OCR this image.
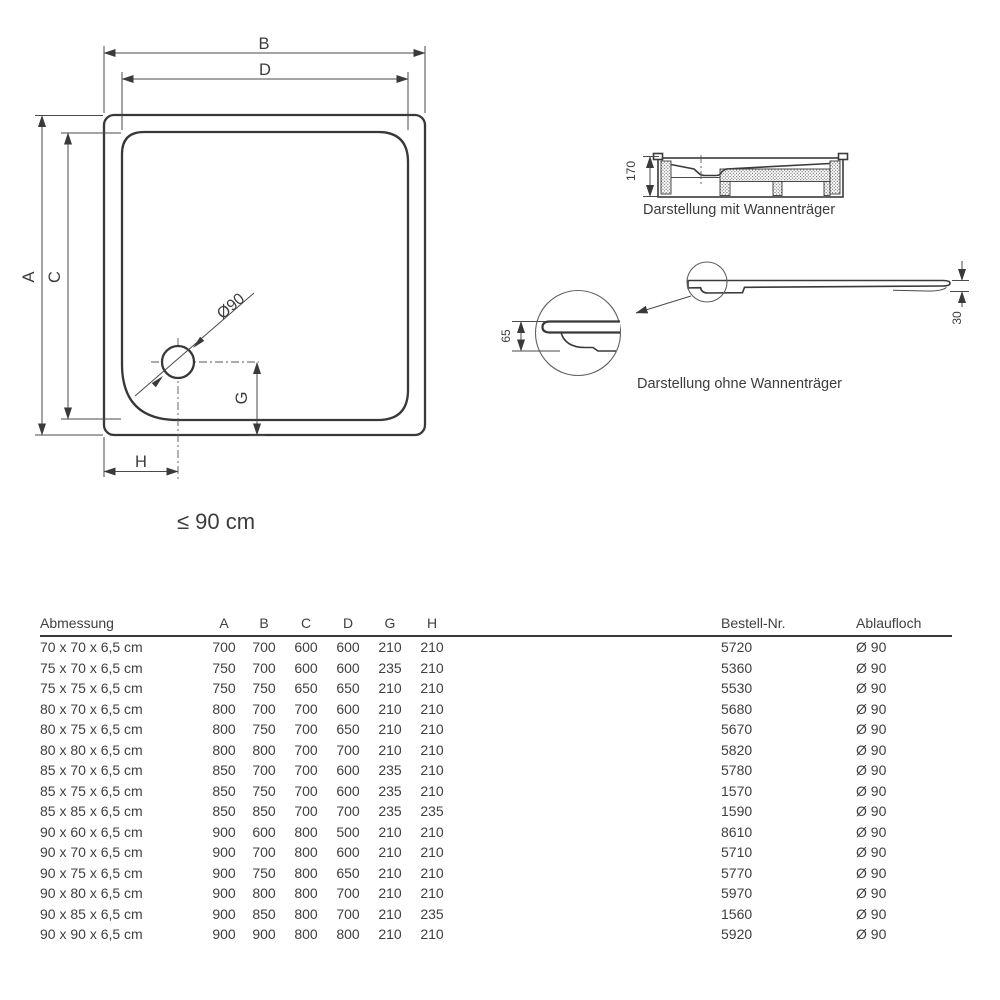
B
D
A C
Ø90
G
H
≤ 90 cm
170
Darstellung mit Wannenträger
65
30
Darstellung ohne Wannenträger
Abmessung	A	B	C	D	G	H	Bestell-Nr.	Ablaufloch
70 x 70 x 6,5 cm	700	700	600	600	210	210	5720	Ø 90
75 x 70 x 6,5 cm	750	700	600	600	235	210	5360	Ø 90
75 x 75 x 6,5 cm	750	750	650	650	210	210	5530	Ø 90
80 x 70 x 6,5 cm	800	700	700	600	210	210	5680	Ø 90
80 x 75 x 6,5 cm	800	750	700	650	210	210	5670	Ø 90
80 x 80 x 6,5 cm	800	800	700	700	210	210	5820	Ø 90
85 x 70 x 6,5 cm	850	700	700	600	235	210	5780	Ø 90
85 x 75 x 6,5 cm	850	750	700	600	235	210	1570	Ø 90
85 x 85 x 6,5 cm	850	850	700	700	235	235	1590	Ø 90
90 x 60 x 6,5 cm	900	600	800	500	210	210	8610	Ø 90
90 x 70 x 6,5 cm	900	700	800	600	210	210	5710	Ø 90
90 x 75 x 6,5 cm	900	750	800	650	210	210	5770	Ø 90
90 x 80 x 6,5 cm	900	800	800	700	210	210	5970	Ø 90
90 x 85 x 6,5 cm	900	850	800	700	210	235	1560	Ø 90
90 x 90 x 6,5 cm	900	900	800	800	210	210	5920	Ø 90
